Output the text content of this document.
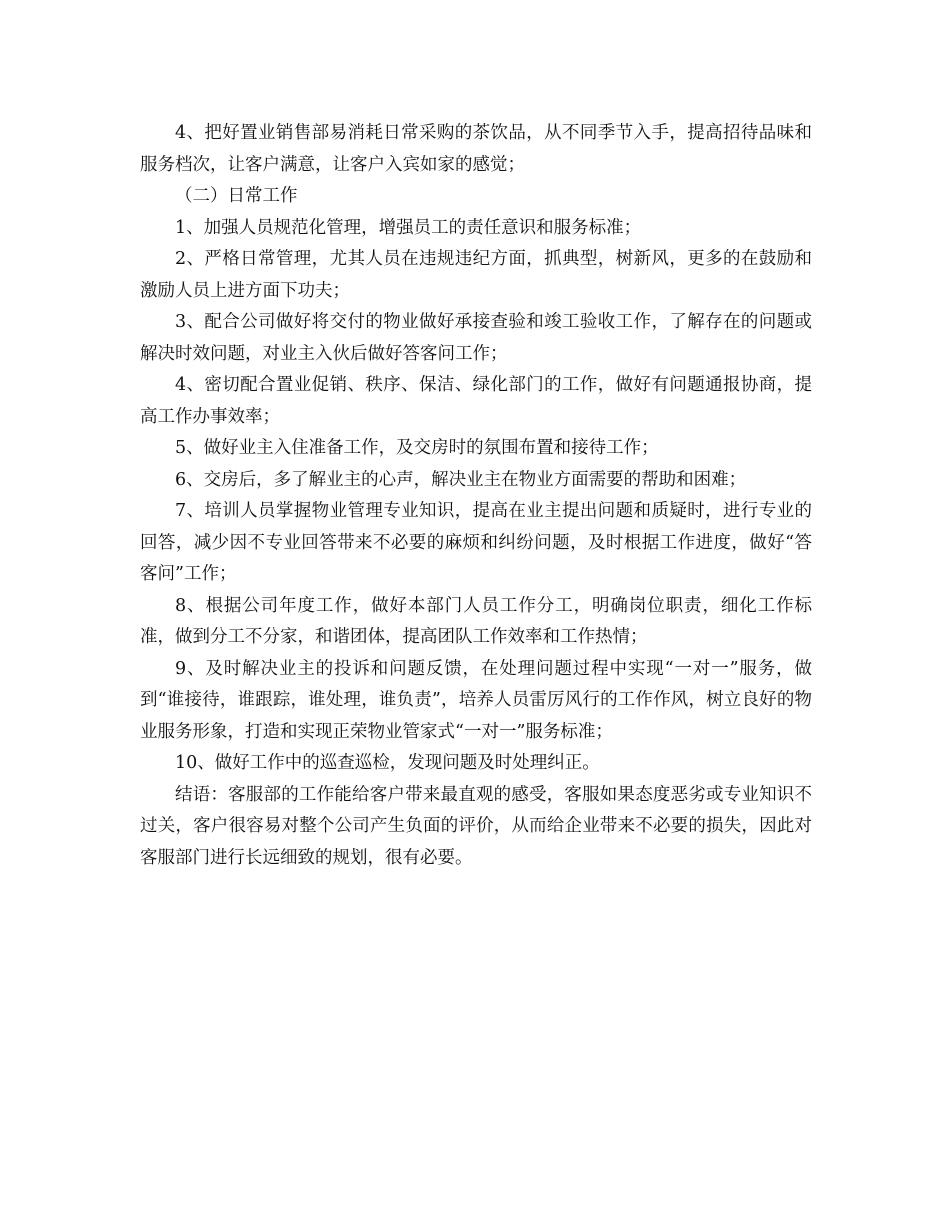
4、把好置业销售部易消耗日常采购的茶饮品，从不同季节入手，提高招待品味和服务档次，让客户满意，让客户入宾如家的感觉；

（二）日常工作

1、加强人员规范化管理，增强员工的责任意识和服务标准；

2、严格日常管理，尤其人员在违规违纪方面，抓典型，树新风，更多的在鼓励和激励人员上进方面下功夫；

3、配合公司做好将交付的物业做好承接查验和竣工验收工作，了解存在的问题或解决时效问题，对业主入伙后做好答客问工作；

4、密切配合置业促销、秩序、保洁、绿化部门的工作，做好有问题通报协商，提高工作办事效率；

5、做好业主入住准备工作，及交房时的氛围布置和接待工作；

6、交房后，多了解业主的心声，解决业主在物业方面需要的帮助和困难；

7、培训人员掌握物业管理专业知识，提高在业主提出问题和质疑时，进行专业的回答，减少因不专业回答带来不必要的麻烦和纠纷问题，及时根据工作进度，做好“答客问”工作；

8、根据公司年度工作，做好本部门人员工作分工，明确岗位职责，细化工作标准，做到分工不分家，和谐团体，提高团队工作效率和工作热情；

9、及时解决业主的投诉和问题反馈，在处理问题过程中实现“一对一”服务，做到“谁接待，谁跟踪，谁处理，谁负责”，培养人员雷厉风行的工作作风，树立良好的物业服务形象，打造和实现正荣物业管家式“一对一”服务标准；

10、做好工作中的巡查巡检，发现问题及时处理纠正。

结语：客服部的工作能给客户带来最直观的感受，客服如果态度恶劣或专业知识不过关，客户很容易对整个公司产生负面的评价，从而给企业带来不必要的损失，因此对客服部门进行长远细致的规划，很有必要。
